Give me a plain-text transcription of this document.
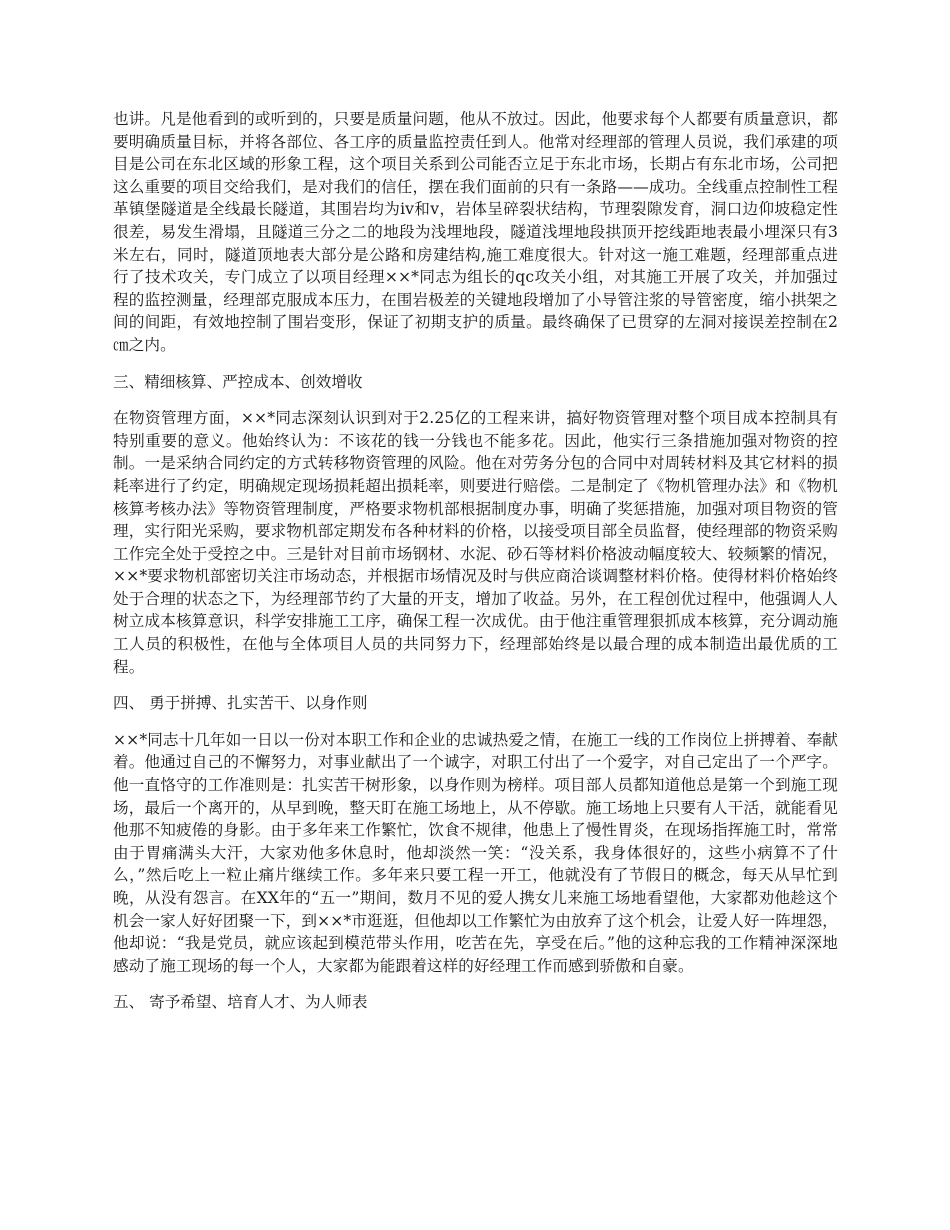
也讲。凡是他看到的或听到的，只要是质量问题，他从不放过。因此，他要求每个人都要有质量意识，都要明确质量目标，并将各部位、各工序的质量监控责任到人。他常对经理部的管理人员说，我们承建的项目是公司在东北区域的形象工程，这个项目关系到公司能否立足于东北市场，长期占有东北市场，公司把这么重要的项目交给我们，是对我们的信任，摆在我们面前的只有一条路——成功。全线重点控制性工程革镇堡隧道是全线最长隧道，其围岩均为ⅳ和ⅴ，岩体呈碎裂状结构，节理裂隙发育，洞口边仰坡稳定性很差，易发生滑塌，且隧道三分之二的地段为浅埋地段，隧道浅埋地段拱顶开挖线距地表最小埋深只有3米左右，同时，隧道顶地表大部分是公路和房建结构,施工难度很大。针对这一施工难题，经理部重点进行了技术攻关，专门成立了以项目经理××*同志为组长的qc攻关小组，对其施工开展了攻关，并加强过程的监控测量，经理部克服成本压力，在围岩极差的关键地段增加了小导管注浆的导管密度，缩小拱架之间的间距，有效地控制了围岩变形，保证了初期支护的质量。最终确保了已贯穿的左洞对接误差控制在2㎝之内。

三、精细核算、严控成本、创效增收

在物资管理方面，××*同志深刻认识到对于2.25亿的工程来讲，搞好物资管理对整个项目成本控制具有特别重要的意义。他始终认为：不该花的钱一分钱也不能多花。因此，他实行三条措施加强对物资的控制。一是采纳合同约定的方式转移物资管理的风险。他在对劳务分包的合同中对周转材料及其它材料的损耗率进行了约定，明确规定现场损耗超出损耗率，则要进行赔偿。二是制定了《物机管理办法》和《物机核算考核办法》等物资管理制度，严格要求物机部根据制度办事，明确了奖惩措施，加强对项目物资的管理，实行阳光采购，要求物机部定期发布各种材料的价格，以接受项目部全员监督，使经理部的物资采购工作完全处于受控之中。三是针对目前市场钢材、水泥、砂石等材料价格波动幅度较大、较频繁的情况，××*要求物机部密切关注市场动态，并根据市场情况及时与供应商洽谈调整材料价格。使得材料价格始终处于合理的状态之下，为经理部节约了大量的开支，增加了收益。另外，在工程创优过程中，他强调人人树立成本核算意识，科学安排施工工序，确保工程一次成优。由于他注重管理狠抓成本核算，充分调动施工人员的积极性，在他与全体项目人员的共同努力下，经理部始终是以最合理的成本制造出最优质的工程。

四、 勇于拼搏、扎实苦干、以身作则

××*同志十几年如一日以一份对本职工作和企业的忠诚热爱之情，在施工一线的工作岗位上拼搏着、奉献着。他通过自己的不懈努力，对事业献出了一个诚字，对职工付出了一个爱字，对自己定出了一个严字。他一直恪守的工作准则是：扎实苦干树形象，以身作则为榜样。项目部人员都知道他总是第一个到施工现场，最后一个离开的，从早到晚，整天盯在施工场地上，从不停歇。施工场地上只要有人干活，就能看见他那不知疲倦的身影。由于多年来工作繁忙，饮食不规律，他患上了慢性胃炎，在现场指挥施工时，常常由于胃痛满头大汗，大家劝他多休息时，他却淡然一笑：“没关系，我身体很好的，这些小病算不了什么，”然后吃上一粒止痛片继续工作。多年来只要工程一开工，他就没有了节假日的概念，每天从早忙到晚，从没有怨言。在XX年的“五一”期间，数月不见的爱人携女儿来施工场地看望他，大家都劝他趁这个机会一家人好好团聚一下，到××*市逛逛，但他却以工作繁忙为由放弃了这个机会，让爱人好一阵埋怨，他却说：“我是党员，就应该起到模范带头作用，吃苦在先，享受在后。”他的这种忘我的工作精神深深地感动了施工现场的每一个人，大家都为能跟着这样的好经理工作而感到骄傲和自豪。

五、 寄予希望、培育人才、为人师表
